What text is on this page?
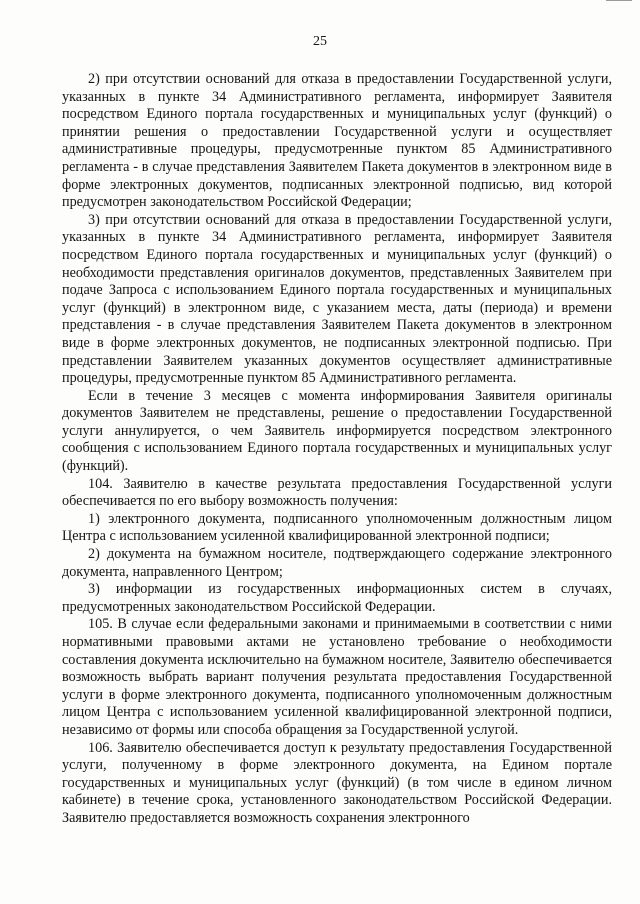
25

2) при отсутствии оснований для отказа в предоставлении Государственной услуги, указанных в пункте 34 Административного регламента, информирует Заявителя посредством Единого портала государственных и муниципальных услуг (функций) о принятии решения о предоставлении Государственной услуги и осуществляет административные процедуры, предусмотренные пунктом 85 Административного регламента - в случае представления Заявителем Пакета документов в электронном виде в форме электронных документов, подписанных электронной подписью, вид которой предусмотрен законодательством Российской Федерации;

3) при отсутствии оснований для отказа в предоставлении Государственной услуги, указанных в пункте 34 Административного регламента, информирует Заявителя посредством Единого портала государственных и муниципальных услуг (функций) о необходимости представления оригиналов документов, представленных Заявителем при подаче Запроса с использованием Единого портала государственных и муниципальных услуг (функций) в электронном виде, с указанием места, даты (периода) и времени представления - в случае представления Заявителем Пакета документов в электронном виде в форме электронных документов, не подписанных электронной подписью. При представлении Заявителем указанных документов осуществляет административные процедуры, предусмотренные пунктом 85 Административного регламента.

Если в течение 3 месяцев с момента информирования Заявителя оригиналы документов Заявителем не представлены, решение о предоставлении Государственной услуги аннулируется, о чем Заявитель информируется посредством электронного сообщения с использованием Единого портала государственных и муниципальных услуг (функций).

104. Заявителю в качестве результата предоставления Государственной услуги обеспечивается по его выбору возможность получения:

1) электронного документа, подписанного уполномоченным должностным лицом Центра с использованием усиленной квалифицированной электронной подписи;

2) документа на бумажном носителе, подтверждающего содержание электронного документа, направленного Центром;

3) информации из государственных информационных систем в случаях, предусмотренных законодательством Российской Федерации.

105. В случае если федеральными законами и принимаемыми в соответствии с ними нормативными правовыми актами не установлено требование о необходимости составления документа исключительно на бумажном носителе, Заявителю обеспечивается возможность выбрать вариант получения результата предоставления Государственной услуги в форме электронного документа, подписанного уполномоченным должностным лицом Центра с использованием усиленной квалифицированной электронной подписи, независимо от формы или способа обращения за Государственной услугой.

106. Заявителю обеспечивается доступ к результату предоставления Государственной услуги, полученному в форме электронного документа, на Едином портале государственных и муниципальных услуг (функций) (в том числе в едином личном кабинете) в течение срока, установленного законодательством Российской Федерации. Заявителю предоставляется возможность сохранения электронного
